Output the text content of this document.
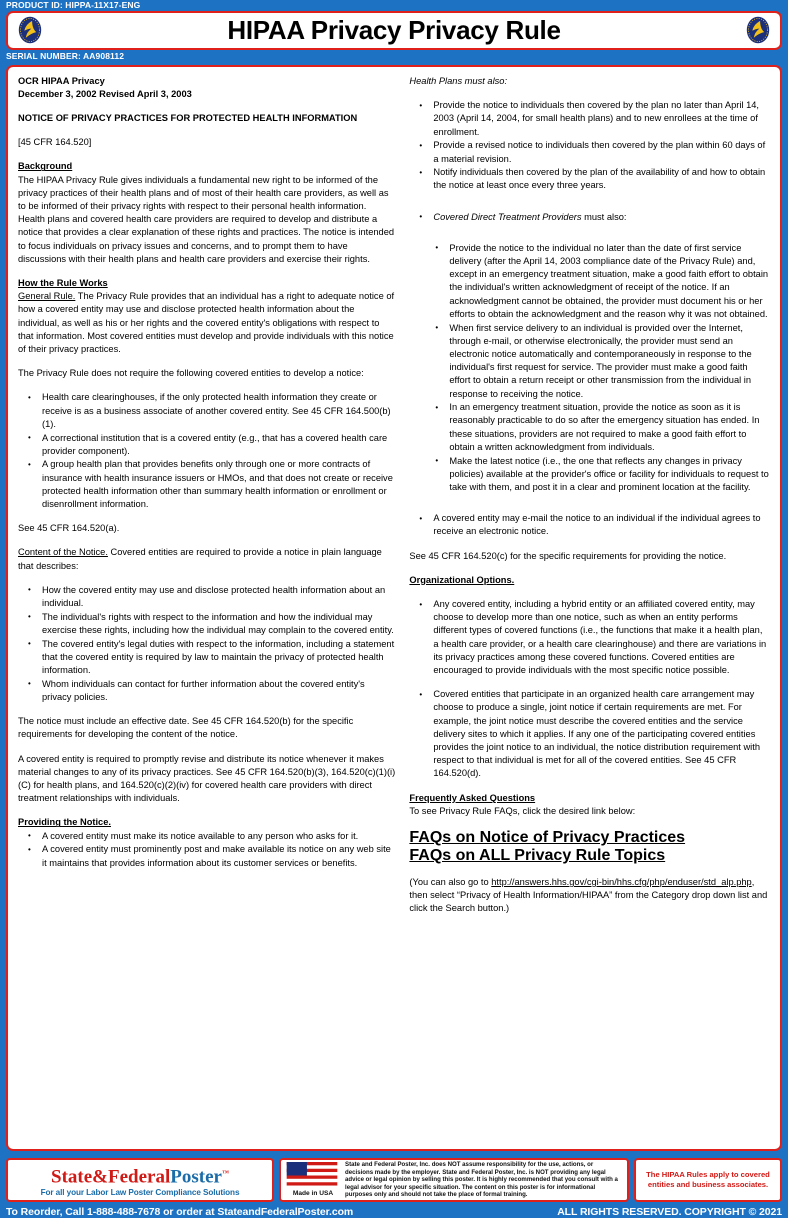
PRODUCT ID: HIPPA-11X17-ENG
HIPAA Privacy Privacy Rule
SERIAL NUMBER: AA908112
OCR HIPAA Privacy
December 3, 2002 Revised April 3, 2003
NOTICE OF PRIVACY PRACTICES FOR PROTECTED HEALTH INFORMATION
[45 CFR 164.520]
Background
The HIPAA Privacy Rule gives individuals a fundamental new right to be informed of the privacy practices of their health plans and of most of their health care providers, as well as to be informed of their privacy rights with respect to their personal health information. Health plans and covered health care providers are required to develop and distribute a notice that provides a clear explanation of these rights and practices. The notice is intended to focus individuals on privacy issues and concerns, and to prompt them to have discussions with their health plans and health care providers and exercise their rights.
How the Rule Works
General Rule. The Privacy Rule provides that an individual has a right to adequate notice of how a covered entity may use and disclose protected health information about the individual, as well as his or her rights and the covered entity's obligations with respect to that information. Most covered entities must develop and provide individuals with this notice of their privacy practices.
The Privacy Rule does not require the following covered entities to develop a notice:
• Health care clearinghouses, if the only protected health information they create or receive is as a business associate of another covered entity. See 45 CFR 164.500(b)(1).
• A correctional institution that is a covered entity (e.g., that has a covered health care provider component).
• A group health plan that provides benefits only through one or more contracts of insurance with health insurance issuers or HMOs, and that does not create or receive protected health information other than summary health information or enrollment or disenrollment information.
See 45 CFR 164.520(a).
Content of the Notice. Covered entities are required to provide a notice in plain language that describes:
• How the covered entity may use and disclose protected health information about an individual.
• The individual's rights with respect to the information and how the individual may exercise these rights, including how the individual may complain to the covered entity.
• The covered entity's legal duties with respect to the information, including a statement that the covered entity is required by law to maintain the privacy of protected health information.
• Whom individuals can contact for further information about the covered entity's privacy policies.
The notice must include an effective date. See 45 CFR 164.520(b) for the specific requirements for developing the content of the notice.
A covered entity is required to promptly revise and distribute its notice whenever it makes material changes to any of its privacy practices. See 45 CFR 164.520(b)(3), 164.520(c)(1)(i)(C) for health plans, and 164.520(c)(2)(iv) for covered health care providers with direct treatment relationships with individuals.
Providing the Notice.
• A covered entity must make its notice available to any person who asks for it.
• A covered entity must prominently post and make available its notice on any web site it maintains that provides information about its customer services or benefits.
Health Plans must also:
• Provide the notice to individuals then covered by the plan no later than April 14, 2003 (April 14, 2004, for small health plans) and to new enrollees at the time of enrollment.
• Provide a revised notice to individuals then covered by the plan within 60 days of a material revision.
• Notify individuals then covered by the plan of the availability of and how to obtain the notice at least once every three years.
• Covered Direct Treatment Providers must also:
• Provide the notice to the individual no later than the date of first service delivery (after the April 14, 2003 compliance date of the Privacy Rule) and, except in an emergency treatment situation, make a good faith effort to obtain the individual's written acknowledgment of receipt of the notice. If an acknowledgment cannot be obtained, the provider must document his or her efforts to obtain the acknowledgment and the reason why it was not obtained.
• When first service delivery to an individual is provided over the Internet, through e-mail, or otherwise electronically, the provider must send an electronic notice automatically and contemporaneously in response to the individual's first request for service. The provider must make a good faith effort to obtain a return receipt or other transmission from the individual in response to receiving the notice.
• In an emergency treatment situation, provide the notice as soon as it is reasonably practicable to do so after the emergency situation has ended. In these situations, providers are not required to make a good faith effort to obtain a written acknowledgment from individuals.
• Make the latest notice (i.e., the one that reflects any changes in privacy policies) available at the provider's office or facility for individuals to request to take with them, and post it in a clear and prominent location at the facility.
• A covered entity may e-mail the notice to an individual if the individual agrees to receive an electronic notice.
See 45 CFR 164.520(c) for the specific requirements for providing the notice.
Organizational Options.
• Any covered entity, including a hybrid entity or an affiliated covered entity, may choose to develop more than one notice, such as when an entity performs different types of covered functions (i.e., the functions that make it a health plan, a health care provider, or a health care clearinghouse) and there are variations in its privacy practices among these covered functions. Covered entities are encouraged to provide individuals with the most specific notice possible.
• Covered entities that participate in an organized health care arrangement may choose to produce a single, joint notice if certain requirements are met. For example, the joint notice must describe the covered entities and the service delivery sites to which it applies. If any one of the participating covered entities provides the joint notice to an individual, the notice distribution requirement with respect to that individual is met for all of the covered entities. See 45 CFR 164.520(d).
Frequently Asked Questions
To see Privacy Rule FAQs, click the desired link below:
FAQs on Notice of Privacy Practices
FAQs on ALL Privacy Rule Topics
(You can also go to http://answers.hhs.gov/cgi-bin/hhs.cfg/php/enduser/std_alp.php, then select “Privacy of Health Information/HIPAA” from the Category drop down list and click the Search button.)
State&FederalPoster™
For all your Labor Law Poster Compliance Solutions	Made in USA
State and Federal Poster, Inc. does NOT assume responsibility for the use, actions, or decisions made by the employer. State and Federal Poster, Inc. is NOT providing any legal advice or legal opinion by selling this poster. It is highly recommended that you consult with a legal advisor for your specific situation. The content on this poster is for informational purposes only and should not take the place of formal training.
The HIPAA Rules apply to covered entities and business associates.
To Reorder, Call 1-888-488-7678 or order at StateandFederalPoster.com	ALL RIGHTS RESERVED. COPYRIGHT © 2021
